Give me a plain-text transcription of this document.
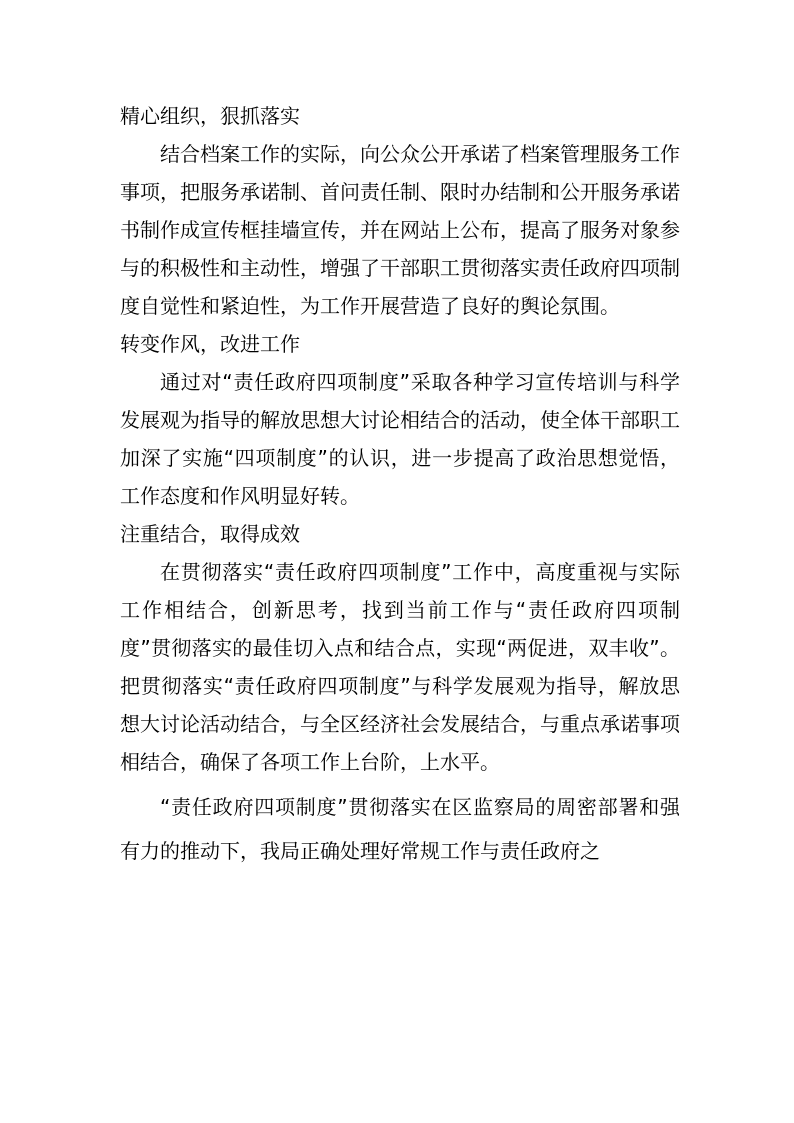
精心组织，狠抓落实

结合档案工作的实际，向公众公开承诺了档案管理服务工作事项，把服务承诺制、首问责任制、限时办结制和公开服务承诺书制作成宣传框挂墙宣传，并在网站上公布，提高了服务对象参与的积极性和主动性，增强了干部职工贯彻落实责任政府四项制度自觉性和紧迫性，为工作开展营造了良好的舆论氛围。

转变作风，改进工作

通过对“责任政府四项制度”采取各种学习宣传培训与科学发展观为指导的解放思想大讨论相结合的活动，使全体干部职工加深了实施“四项制度”的认识，进一步提高了政治思想觉悟，工作态度和作风明显好转。

注重结合，取得成效

在贯彻落实“责任政府四项制度”工作中，高度重视与实际工作相结合，创新思考，找到当前工作与“责任政府四项制度”贯彻落实的最佳切入点和结合点，实现“两促进，双丰收”。把贯彻落实“责任政府四项制度”与科学发展观为指导，解放思想大讨论活动结合，与全区经济社会发展结合，与重点承诺事项相结合，确保了各项工作上台阶，上水平。

“责任政府四项制度”贯彻落实在区监察局的周密部署和强有力的推动下，我局正确处理好常规工作与责任政府之
